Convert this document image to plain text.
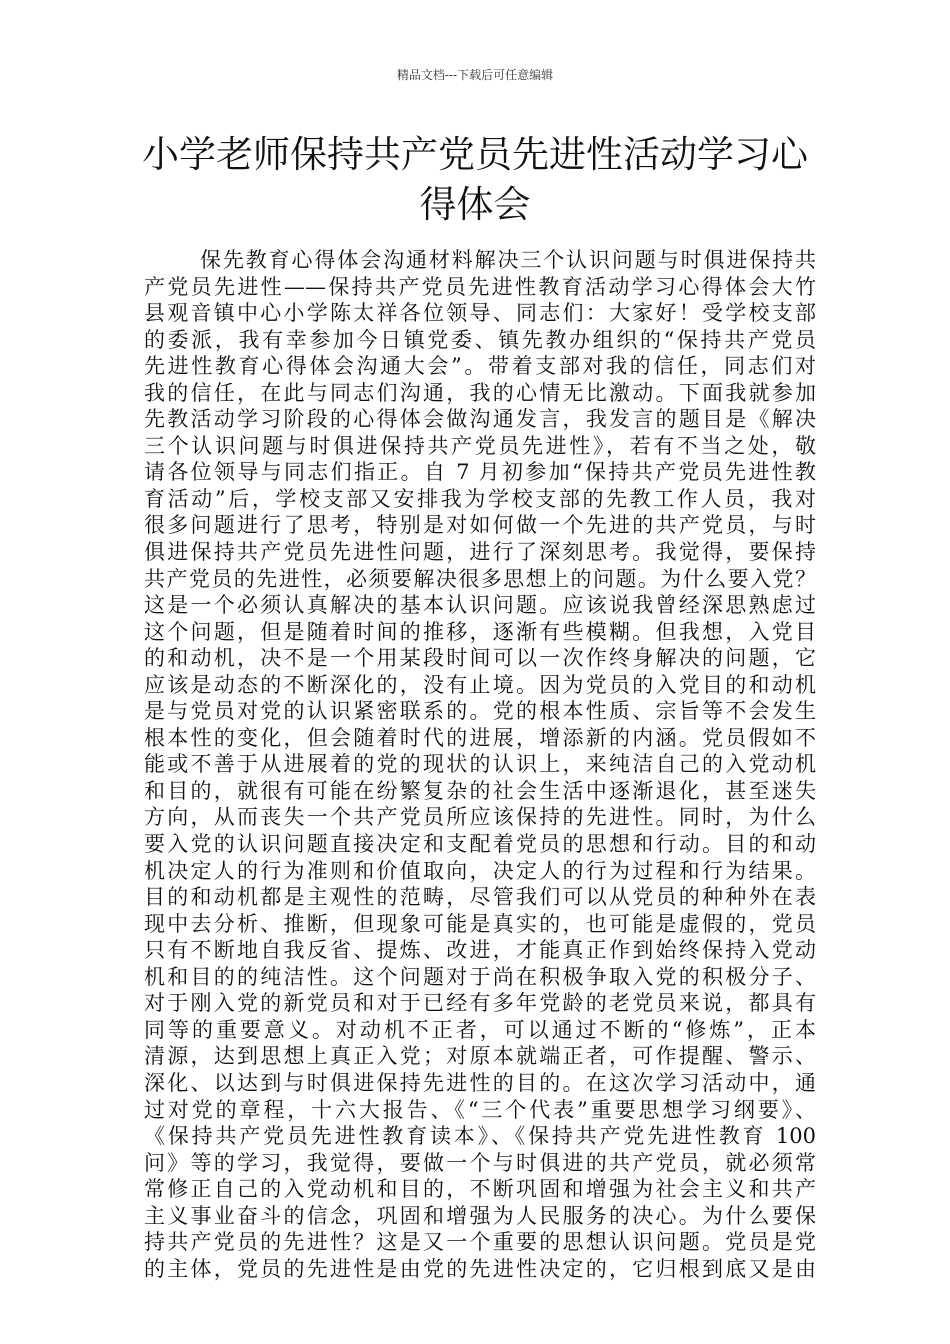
精品文档---下载后可任意编辑
小学老师保持共产党员先进性活动学习心
得体会
保先教育心得体会沟通材料解决三个认识问题与时俱进保持共
产党员先进性——保持共产党员先进性教育活动学习心得体会大竹
县观音镇中心小学陈太祥各位领导、同志们：大家好！受学校支部
的委派，我有幸参加今日镇党委、镇先教办组织的“保持共产党员
先进性教育心得体会沟通大会”。带着支部对我的信任，同志们对
我的信任，在此与同志们沟通，我的心情无比激动。下面我就参加
先教活动学习阶段的心得体会做沟通发言，我发言的题目是《解决
三个认识问题与时俱进保持共产党员先进性》，若有不当之处，敬
请各位领导与同志们指正。自 7 月初参加“保持共产党员先进性教
育活动”后，学校支部又安排我为学校支部的先教工作人员，我对
很多问题进行了思考，特别是对如何做一个先进的共产党员，与时
俱进保持共产党员先进性问题，进行了深刻思考。我觉得，要保持
共产党员的先进性，必须要解决很多思想上的问题。为什么要入党？
这是一个必须认真解决的基本认识问题。应该说我曾经深思熟虑过
这个问题，但是随着时间的推移，逐渐有些模糊。但我想，入党目
的和动机，决不是一个用某段时间可以一次作终身解决的问题，它
应该是动态的不断深化的，没有止境。因为党员的入党目的和动机
是与党员对党的认识紧密联系的。党的根本性质、宗旨等不会发生
根本性的变化，但会随着时代的进展，增添新的内涵。党员假如不
能或不善于从进展着的党的现状的认识上，来纯洁自己的入党动机
和目的，就很有可能在纷繁复杂的社会生活中逐渐退化，甚至迷失
方向，从而丧失一个共产党员所应该保持的先进性。同时，为什么
要入党的认识问题直接决定和支配着党员的思想和行动。目的和动
机决定人的行为准则和价值取向，决定人的行为过程和行为结果。
目的和动机都是主观性的范畴，尽管我们可以从党员的种种外在表
现中去分析、推断，但现象可能是真实的，也可能是虚假的，党员
只有不断地自我反省、提炼、改进，才能真正作到始终保持入党动
机和目的的纯洁性。这个问题对于尚在积极争取入党的积极分子、
对于刚入党的新党员和对于已经有多年党龄的老党员来说，都具有
同等的重要意义。对动机不正者，可以通过不断的“修炼”，正本
清源，达到思想上真正入党；对原本就端正者，可作提醒、警示、
深化、以达到与时俱进保持先进性的目的。在这次学习活动中，通
过对党的章程，十六大报告、《“三个代表”重要思想学习纲要》、
《保持共产党员先进性教育读本》、《保持共产党先进性教育 100
问》等的学习，我觉得，要做一个与时俱进的共产党员，就必须常
常修正自己的入党动机和目的，不断巩固和增强为社会主义和共产
主义事业奋斗的信念，巩固和增强为人民服务的决心。为什么要保
持共产党员的先进性？这是又一个重要的思想认识问题。党员是党
的主体，党员的先进性是由党的先进性决定的，它归根到底又是由
